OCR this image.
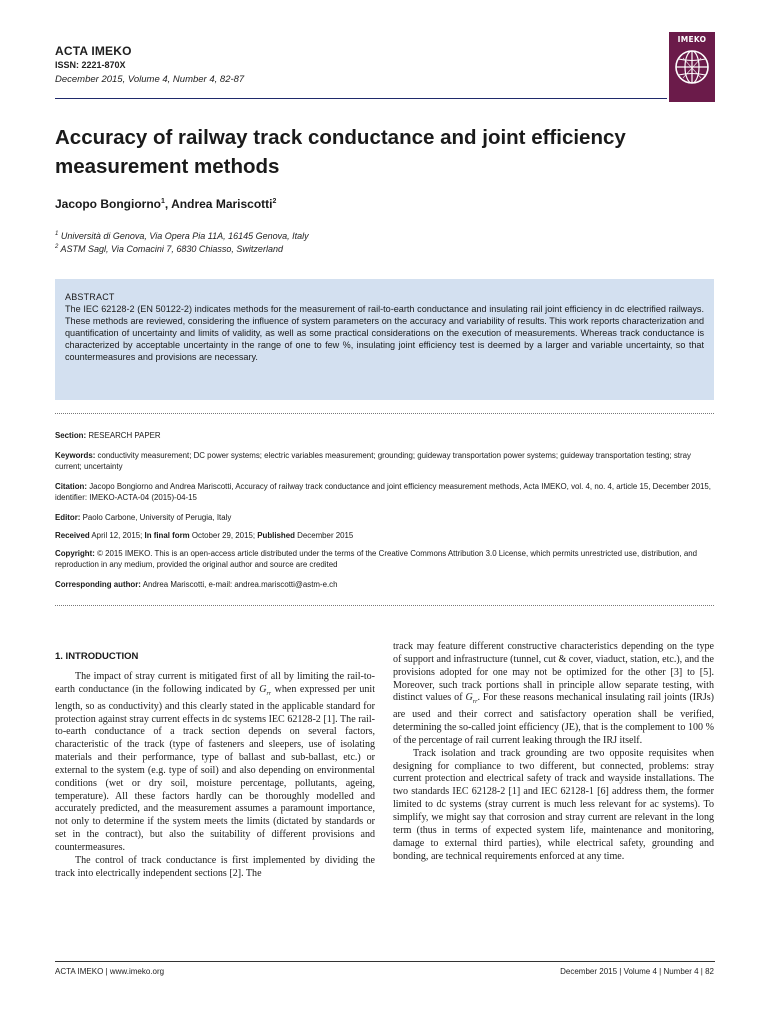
ACTA IMEKO
ISSN: 2221-870X
December 2015, Volume 4, Number 4, 82-87
IMEKO
Accuracy of railway track conductance and joint efficiency measurement methods
Jacopo Bongiorno$^1$, Andrea Mariscotti$^2$
$^1$ Università di Genova, Via Opera Pia 11A, 16145 Genova, Italy
$^2$ ASTM Sagl, Via Comacini 7, 6830 Chiasso, Switzerland
ABSTRACT
The IEC 62128-2 (EN 50122-2) indicates methods for the measurement of rail-to-earth conductance and insulating rail joint efficiency in dc electrified railways. These methods are reviewed, considering the influence of system parameters on the accuracy and variability of results. This work reports characterization and quantification of uncertainty and limits of validity, as well as some practical considerations on the execution of measurements. Whereas track conductance is characterized by acceptable uncertainty in the range of one to few %, insulating joint efficiency test is deemed by a larger and variable uncertainty, so that countermeasures and provisions are necessary.
Section: RESEARCH PAPER
Keywords: conductivity measurement; DC power systems; electric variables measurement; grounding; guideway transportation power systems; guideway transportation testing; stray current; uncertainty
Citation: Jacopo Bongiorno and Andrea Mariscotti, Accuracy of railway track conductance and joint efficiency measurement methods, Acta IMEKO, vol. 4, no. 4, article 15, December 2015, identifier: IMEKO-ACTA-04 (2015)-04-15
Editor: Paolo Carbone, University of Perugia, Italy
Received April 12, 2015; In final form October 29, 2015; Published December 2015
Copyright: © 2015 IMEKO. This is an open-access article distributed under the terms of the Creative Commons Attribution 3.0 License, which permits unrestricted use, distribution, and reproduction in any medium, provided the original author and source are credited
Corresponding author: Andrea Mariscotti, e-mail: andrea.mariscotti@astm-e.ch
1. INTRODUCTION

The impact of stray current is mitigated first of all by limiting the rail-to-earth conductance (in the following indicated by $G_{rr}$ when expressed per unit length, so as conductivity) and this clearly stated in the applicable standard for protection against stray current effects in dc systems IEC 62128-2 [1]. The rail-to-earth conductance of a track section depends on several factors, characteristic of the track (type of fasteners and sleepers, use of isolating materials and their performance, type of ballast and sub-ballast, etc.) or external to the system (e.g. type of soil) and also depending on environmental conditions (wet or dry soil, moisture percentage, pollutants, ageing, temperature). All these factors hardly can be thoroughly modelled and accurately predicted, and the measurement assumes a paramount importance, not only to determine if the system meets the limits (dictated by standards or set in the contract), but also the suitability of different provisions and countermeasures.

The control of track conductance is first implemented by dividing the track into electrically independent sections [2]. The

track may feature different constructive characteristics depending on the type of support and infrastructure (tunnel, cut & cover, viaduct, station, etc.), and the provisions adopted for one may not be optimized for the other [3] to [5]. Moreover, such track portions shall in principle allow separate testing, with distinct values of $G_{rr}$. For these reasons mechanical insulating rail joints (IRJs) are used and their correct and satisfactory operation shall be verified, determining the so-called joint efficiency (JE), that is the complement to 100 % of the percentage of rail current leaking through the IRJ itself.

Track isolation and track grounding are two opposite requisites when designing for compliance to two different, but connected, problems: stray current protection and electrical safety of track and wayside installations. The two standards IEC 62128-2 [1] and IEC 62128-1 [6] address them, the former limited to dc systems (stray current is much less relevant for ac systems). To simplify, we might say that corrosion and stray current are relevant in the long term (thus in terms of expected system life, maintenance and monitoring, damage to external third parties), while electrical safety, grounding and bonding, are technical requirements enforced at any time.

ACTA IMEKO | www.imeko.org	December 2015 | Volume 4 | Number 4 | 82
